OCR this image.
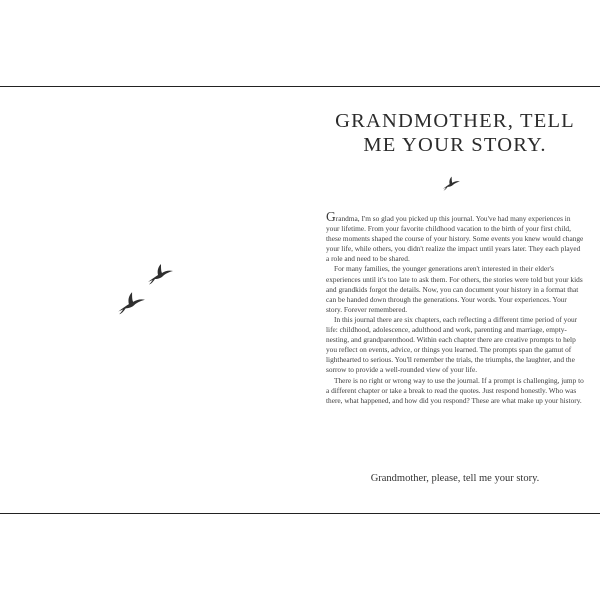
GRANDMOTHER, TELL ME YOUR STORY.

Grandma, I'm so glad you picked up this journal. You've had many experiences in your lifetime. From your favorite childhood vacation to the birth of your first child, these moments shaped the course of your history. Some events you knew would change your life, while others, you didn't realize the impact until years later. They each played a role and need to be shared.

For many families, the younger generations aren't interested in their elder's experiences until it's too late to ask them. For others, the stories were told but your kids and grandkids forgot the details. Now, you can document your history in a format that can be handed down through the generations. Your words. Your experiences. Your story. Forever remembered.

In this journal there are six chapters, each reflecting a different time period of your life: childhood, adolescence, adulthood and work, parenting and marriage, empty-nesting, and grandparenthood. Within each chapter there are creative prompts to help you reflect on events, advice, or things you learned. The prompts span the gamut of lighthearted to serious. You'll remember the trials, the triumphs, the laughter, and the sorrow to provide a well-rounded view of your life.

There is no right or wrong way to use the journal. If a prompt is challenging, jump to a different chapter or take a break to read the quotes. Just respond honestly. Who was there, what happened, and how did you respond? These are what make up your history.

Grandmother, please, tell me your story.
